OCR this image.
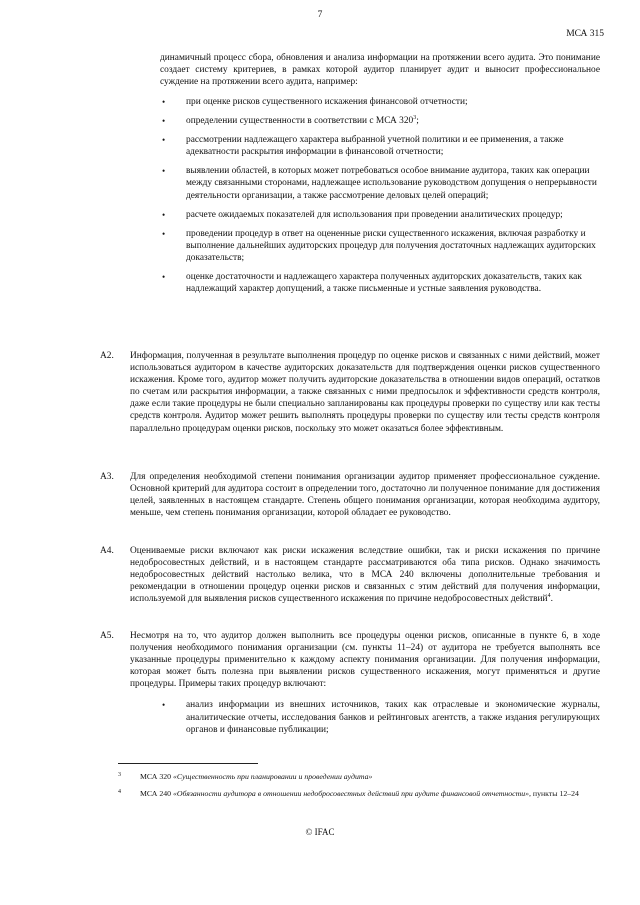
7
МСА 315
динамичный процесс сбора, обновления и анализа информации на протяжении всего аудита. Это понимание создает систему критериев, в рамках которой аудитор планирует аудит и выносит профессиональное суждение на протяжении всего аудита, например:
• при оценке рисков существенного искажения финансовой отчетности;
• определении существенности в соответствии с МСА $320^3$;
• рассмотрении надлежащего характера выбранной учетной политики и ее применения, а также адекватности раскрытия информации в финансовой отчетности;
• выявлении областей, в которых может потребоваться особое внимание аудитора, таких как операции между связанными сторонами, надлежащее использование руководством допущения о непрерывности деятельности организации, а также рассмотрение деловых целей операций;
• расчете ожидаемых показателей для использования при проведении аналитических процедур;
• проведении процедур в ответ на оцененные риски существенного искажения, включая разработку и выполнение дальнейших аудиторских процедур для получения достаточных надлежащих аудиторских доказательств;
• оценке достаточности и надлежащего характера полученных аудиторских доказательств, таких как надлежащий характер допущений, а также письменные и устные заявления руководства.
A2. Информация, полученная в результате выполнения процедур по оценке рисков и связанных с ними действий, может использоваться аудитором в качестве аудиторских доказательств для подтверждения оценки рисков существенного искажения. Кроме того, аудитор может получить аудиторские доказательства в отношении видов операций, остатков по счетам или раскрытия информации, а также связанных с ними предпосылок и эффективности средств контроля, даже если такие процедуры не были специально запланированы как процедуры проверки по существу или как тесты средств контроля. Аудитор может решить выполнять процедуры проверки по существу или тесты средств контроля параллельно процедурам оценки рисков, поскольку это может оказаться более эффективным.
A3. Для определения необходимой степени понимания организации аудитор применяет профессиональное суждение. Основной критерий для аудитора состоит в определении того, достаточно ли полученное понимание для достижения целей, заявленных в настоящем стандарте. Степень общего понимания организации, которая необходима аудитору, меньше, чем степень понимания организации, которой обладает ее руководство.
A4. Оцениваемые риски включают как риски искажения вследствие ошибки, так и риски искажения по причине недобросовестных действий, и в настоящем стандарте рассматриваются оба типа рисков. Однако значимость недобросовестных действий настолько велика, что в МСА 240 включены дополнительные требования и рекомендации в отношении процедур оценки рисков и связанных с этим действий для получения информации, используемой для выявления рисков существенного искажения по причине недобросовестных действий$^4$.
A5. Несмотря на то, что аудитор должен выполнить все процедуры оценки рисков, описанные в пункте 6, в ходе получения необходимого понимания организации (см. пункты 11–24) от аудитора не требуется выполнять все указанные процедуры применительно к каждому аспекту понимания организации. Для получения информации, которая может быть полезна при выявлении рисков существенного искажения, могут применяться и другие процедуры. Примеры таких процедур включают:
• анализ информации из внешних источников, таких как отраслевые и экономические журналы, аналитические отчеты, исследования банков и рейтинговых агентств, а также издания регулирующих органов и финансовые публикации;
3 МСА 320 «Существенность при планировании и проведении аудита»
4 МСА 240 «Обязанности аудитора в отношении недобросовестных действий при аудите финансовой отчетности», пункты 12–24
© IFAC
